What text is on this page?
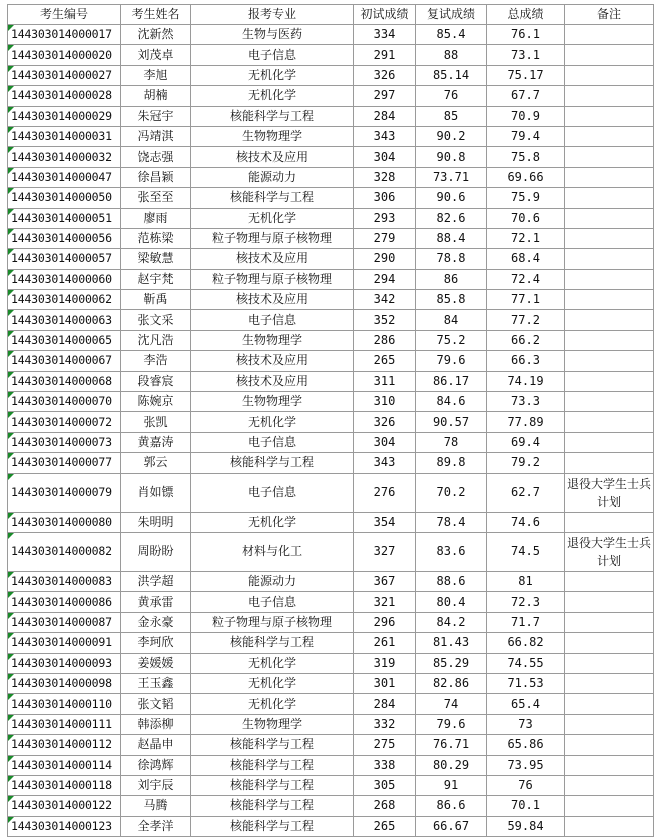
考生编号	考生姓名	报考专业	初试成绩	复试成绩	总成绩	备注

144303014000017	沈新然	生物与医药	334	85.4	76.1	

144303014000020	刘茂卓	电子信息	291	88	73.1	

144303014000027	李旭	无机化学	326	85.14	75.17	

144303014000028	胡楠	无机化学	297	76	67.7	

144303014000029	朱冠宇	核能科学与工程	284	85	70.9	

144303014000031	冯靖淇	生物物理学	343	90.2	79.4	

144303014000032	饶志强	核技术及应用	304	90.8	75.8	

144303014000047	徐昌颖	能源动力	328	73.71	69.66	

144303014000050	张至至	核能科学与工程	306	90.6	75.9	

144303014000051	廖雨	无机化学	293	82.6	70.6	

144303014000056	范栋梁	粒子物理与原子核物理	279	88.4	72.1	

144303014000057	梁敏慧	核技术及应用	290	78.8	68.4	

144303014000060	赵宇梵	粒子物理与原子核物理	294	86	72.4	

144303014000062	靳禹	核技术及应用	342	85.8	77.1	

144303014000063	张文采	电子信息	352	84	77.2	

144303014000065	沈凡浩	生物物理学	286	75.2	66.2	

144303014000067	李浩	核技术及应用	265	79.6	66.3	

144303014000068	段睿宸	核技术及应用	311	86.17	74.19	

144303014000070	陈婉京	生物物理学	310	84.6	73.3	

144303014000072	张凯	无机化学	326	90.57	77.89	

144303014000073	黄嘉涛	电子信息	304	78	69.4	

144303014000077	郭云	核能科学与工程	343	89.8	79.2	

144303014000079	肖如镖	电子信息	276	70.2	62.7	退役大学生士兵计划

144303014000080	朱明明	无机化学	354	78.4	74.6	

144303014000082	周盼盼	材料与化工	327	83.6	74.5	退役大学生士兵计划

144303014000083	洪学超	能源动力	367	88.6	81	

144303014000086	黄承雷	电子信息	321	80.4	72.3	

144303014000087	金永豪	粒子物理与原子核物理	296	84.2	71.7	

144303014000091	李珂欣	核能科学与工程	261	81.43	66.82	

144303014000093	姜媛媛	无机化学	319	85.29	74.55	

144303014000098	王玉鑫	无机化学	301	82.86	71.53	

144303014000110	张文韬	无机化学	284	74	65.4	

144303014000111	韩添柳	生物物理学	332	79.6	73	

144303014000112	赵晶申	核能科学与工程	275	76.71	65.86	

144303014000114	徐鸿辉	核能科学与工程	338	80.29	73.95	

144303014000118	刘宇辰	核能科学与工程	305	91	76	

144303014000122	马腾	核能科学与工程	268	86.6	70.1	

144303014000123	全孝洋	核能科学与工程	265	66.67	59.84	
